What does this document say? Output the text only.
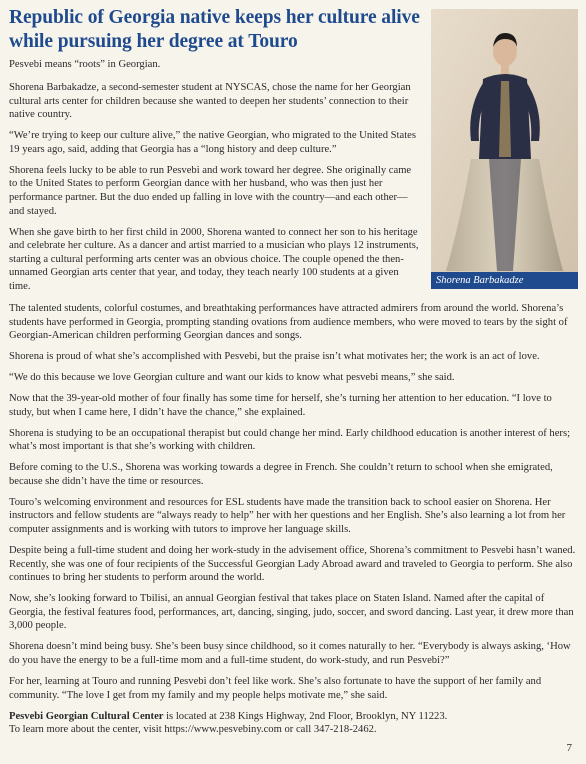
Republic of Georgia native keeps her culture alive while pursuing her degree at Touro

Pesvebi means “roots” in Georgian.

Shorena Barbakadze, a second-semester student at NYSCAS, chose the name for her Georgian cultural arts center for children because she wanted to deepen her students’ connection to their native country.

“We’re trying to keep our culture alive,” the native Georgian, who migrated to the United States 19 years ago, said, adding that Georgia has a “long history and deep culture.”

Shorena feels lucky to be able to run Pesvebi and work toward her degree. She originally came to the United States to perform Georgian dance with her husband, who was then just her performance partner. But the duo ended up falling in love with the country—and each other—and stayed.

When she gave birth to her first child in 2000, Shorena wanted to connect her son to his heritage and celebrate her culture. As a dancer and artist married to a musician who plays 12 instruments, starting a cultural performing arts center was an obvious choice. The couple opened the then-unnamed Georgian arts center that year, and today, they teach nearly 100 students at a given time.

Shorena Barbakadze

The talented students, colorful costumes, and breathtaking performances have attracted admirers from around the world. Shorena’s students have performed in Georgia, prompting standing ovations from audience members, who were moved to tears by the sight of Georgian-American children performing Georgian dances and songs.

Shorena is proud of what she’s accomplished with Pesvebi, but the praise isn’t what motivates her; the work is an act of love.

“We do this because we love Georgian culture and want our kids to know what pesvebi means,” she said.

Now that the 39-year-old mother of four finally has some time for herself, she’s turning her attention to her education. “I love to study, but when I came here, I didn’t have the chance,” she explained.

Shorena is studying to be an occupational therapist but could change her mind. Early childhood education is another interest of hers; what’s most important is that she’s working with children.

Before coming to the U.S., Shorena was working towards a degree in French. She couldn’t return to school when she emigrated, because she didn’t have the time or resources.

Touro’s welcoming environment and resources for ESL students have made the transition back to school easier on Shorena. Her instructors and fellow students are “always ready to help” her with her questions and her English. She’s also learning a lot from her computer assignments and is working with tutors to improve her language skills.

Despite being a full-time student and doing her work-study in the advisement office, Shorena’s commitment to Pesvebi hasn’t waned. Recently, she was one of four recipients of the Successful Georgian Lady Abroad award and traveled to Georgia to perform. She also continues to bring her students to perform around the world.

Now, she’s looking forward to Tbilisi, an annual Georgian festival that takes place on Staten Island. Named after the capital of Georgia, the festival features food, performances, art, dancing, singing, judo, soccer, and sword dancing. Last year, it drew more than 3,000 people.

Shorena doesn’t mind being busy. She’s been busy since childhood, so it comes naturally to her. “Everybody is always asking, ‘How do you have the energy to be a full-time mom and a full-time student, do work-study, and run Pesvebi?”

For her, learning at Touro and running Pesvebi don’t feel like work. She’s also fortunate to have the support of her family and community. “The love I get from my family and my people helps motivate me,” she said.

Pesvebi Georgian Cultural Center is located at 238 Kings Highway, 2nd Floor, Brooklyn, NY 11223.
To learn more about the center, visit https://www.pesvebiny.com or call 347-218-2462.
7
